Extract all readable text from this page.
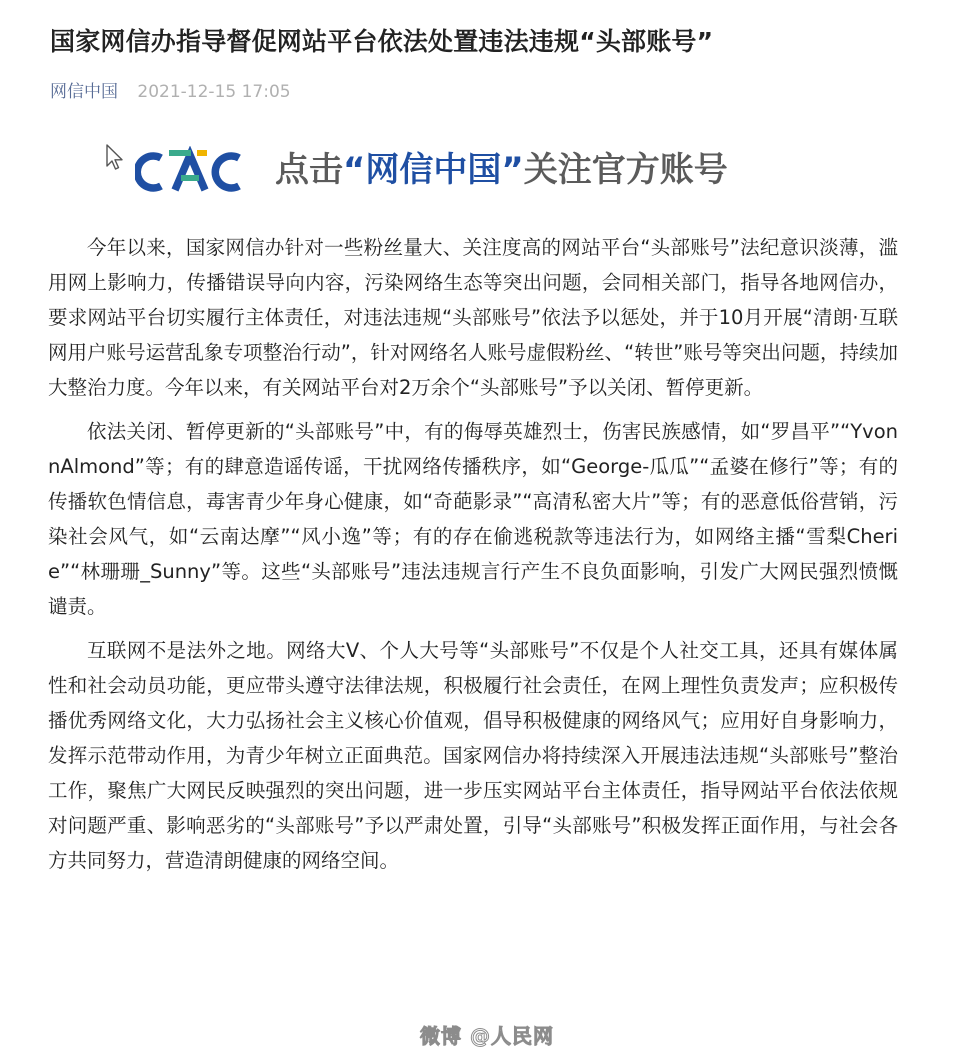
国家网信办指导督促网站平台依法处置违法违规“头部账号”
网信中国 2021-12-15 17:05
点击“网信中国”关注官方账号

今年以来，国家网信办针对一些粉丝量大、关注度高的网站平台“头部账号”法纪意识淡薄，滥用网上影响力，传播错误导向内容，污染网络生态等突出问题，会同相关部门，指导各地网信办，要求网站平台切实履行主体责任，对违法违规“头部账号”依法予以惩处，并于10月开展“清朗·互联网用户账号运营乱象专项整治行动”，针对网络名人账号虚假粉丝、“转世”账号等突出问题，持续加大整治力度。今年以来，有关网站平台对2万余个“头部账号”予以关闭、暂停更新。

依法关闭、暂停更新的“头部账号”中，有的侮辱英雄烈士，伤害民族感情，如“罗昌平”“YvonnAlmond”等；有的肆意造谣传谣，干扰网络传播秩序，如“George-瓜瓜”“孟婆在修行”等；有的传播软色情信息，毒害青少年身心健康，如“奇葩影录”“高清私密大片”等；有的恶意低俗营销，污染社会风气，如“云南达摩”“风小逸”等；有的存在偷逃税款等违法行为，如网络主播“雪梨Cherie”“林珊珊_Sunny”等。这些“头部账号”违法违规言行产生不良负面影响，引发广大网民强烈愤慨谴责。

互联网不是法外之地。网络大V、个人大号等“头部账号”不仅是个人社交工具，还具有媒体属性和社会动员功能，更应带头遵守法律法规，积极履行社会责任，在网上理性负责发声；应积极传播优秀网络文化，大力弘扬社会主义核心价值观，倡导积极健康的网络风气；应用好自身影响力，发挥示范带动作用，为青少年树立正面典范。国家网信办将持续深入开展违法违规“头部账号”整治工作，聚焦广大网民反映强烈的突出问题，进一步压实网站平台主体责任，指导网站平台依法依规对问题严重、影响恶劣的“头部账号”予以严肃处置，引导“头部账号”积极发挥正面作用，与社会各方共同努力，营造清朗健康的网络空间。

微博 @人民网
